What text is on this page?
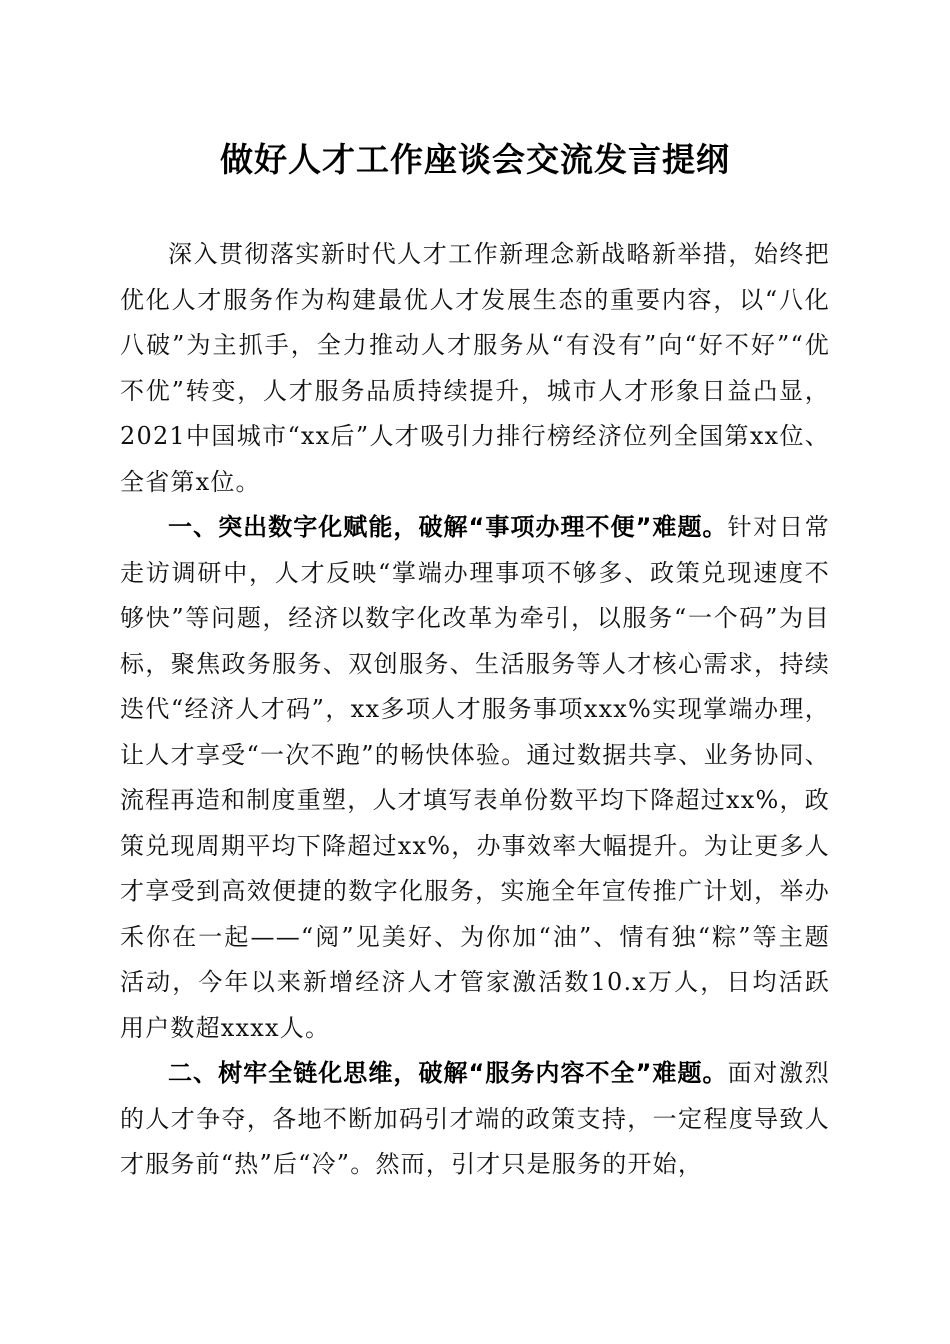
做好人才工作座谈会交流发言提纲

深入贯彻落实新时代人才工作新理念新战略新举措，始终把优化人才服务作为构建最优人才发展生态的重要内容，以“八化八破”为主抓手，全力推动人才服务从“有没有”向“好不好”“优不优”转变，人才服务品质持续提升，城市人才形象日益凸显，2021中国城市“xx后”人才吸引力排行榜经济位列全国第xx位、全省第x位。

一、突出数字化赋能，破解“事项办理不便”难题。针对日常走访调研中，人才反映“掌端办理事项不够多、政策兑现速度不够快”等问题，经济以数字化改革为牵引，以服务“一个码”为目标，聚焦政务服务、双创服务、生活服务等人才核心需求，持续迭代“经济人才码”，xx多项人才服务事项xxx%实现掌端办理，让人才享受“一次不跑”的畅快体验。通过数据共享、业务协同、流程再造和制度重塑，人才填写表单份数平均下降超过xx%，政策兑现周期平均下降超过xx%，办事效率大幅提升。为让更多人才享受到高效便捷的数字化服务，实施全年宣传推广计划，举办禾你在一起——“阅”见美好、为你加“油”、情有独“粽”等主题活动，今年以来新增经济人才管家激活数10.x万人，日均活跃用户数超xxxx人。

二、树牢全链化思维，破解“服务内容不全”难题。面对激烈的人才争夺，各地不断加码引才端的政策支持，一定程度导致人才服务前“热”后“冷”。然而，引才只是服务的开始，
